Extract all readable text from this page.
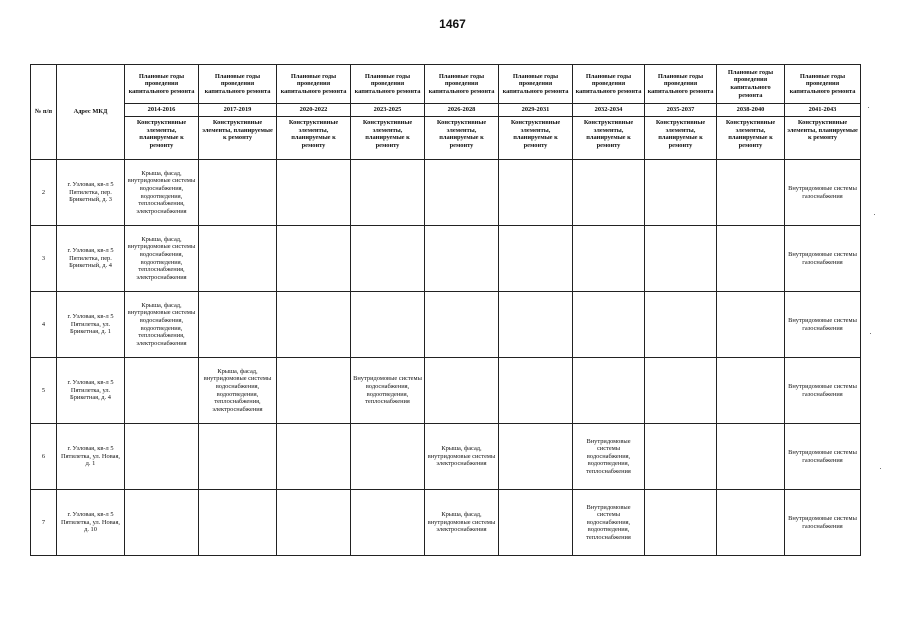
1467
№ п/п	Адрес МКД	Плановые годы проведения капитального ремонта	Плановые годы проведения капитального ремонта	Плановые годы проведения капитального ремонта	Плановые годы проведения капитального ремонта	Плановые годы проведения капитального ремонта	Плановые годы проведения капитального ремонта	Плановые годы проведения капитального ремонта	Плановые годы проведения капитального ремонта	Плановые годы проведения капитального ремонта	Плановые годы проведения капитального ремонта
		2014-2016	2017-2019	2020-2022	2023-2025	2026-2028	2029-2031	2032-2034	2035-2037	2038-2040	2041-2043
		Конструктивные элементы, планируемые к ремонту	Конструктивные элементы, планируемые к ремонту	Конструктивные элементы, планируемые к ремонту	Конструктивные элементы, планируемые к ремонту	Конструктивные элементы, планируемые к ремонту	Конструктивные элементы, планируемые к ремонту	Конструктивные элементы, планируемые к ремонту	Конструктивные элементы, планируемые к ремонту	Конструктивные элементы, планируемые к ремонту	Конструктивные элементы, планируемые к ремонту
2	г. Узловая, кв-л 5 Пятилетка, пер. Брикетный, д. 3	Крыша, фасад, внутридомовые системы водоснабжения, водоотведения, теплоснабжения, электроснабжения									Внутридомовые системы газоснабжения
3	г. Узловая, кв-л 5 Пятилетка, пер. Брикетный, д. 4	Крыша, фасад, внутридомовые системы водоснабжения, водоотведения, теплоснабжения, электроснабжения									Внутридомовые системы газоснабжения
4	г. Узловая, кв-л 5 Пятилетка, ул. Брикетная, д. 1	Крыша, фасад, внутридомовые системы водоснабжения, водоотведения, теплоснабжения, электроснабжения									Внутридомовые системы газоснабжения
5	г. Узловая, кв-л 5 Пятилетка, ул. Брикетная, д. 4		Крыша, фасад, внутридомовые системы водоснабжения, водоотведения, теплоснабжения, электроснабжения		Внутридомовые системы водоснабжения, водоотведения, теплоснабжения						Внутридомовые системы газоснабжения
6	г. Узловая, кв-л 5 Пятилетка, ул. Новая, д. 1					Крыша, фасад, внутридомовые системы электроснабжения		Внутридомовые системы водоснабжения, водоотведения, теплоснабжения			Внутридомовые системы газоснабжения
7	г. Узловая, кв-л 5 Пятилетка, ул. Новая, д. 10					Крыша, фасад, внутридомовые системы электроснабжения		Внутридомовые системы водоснабжения, водоотведения, теплоснабжения			Внутридомовые системы газоснабжения
